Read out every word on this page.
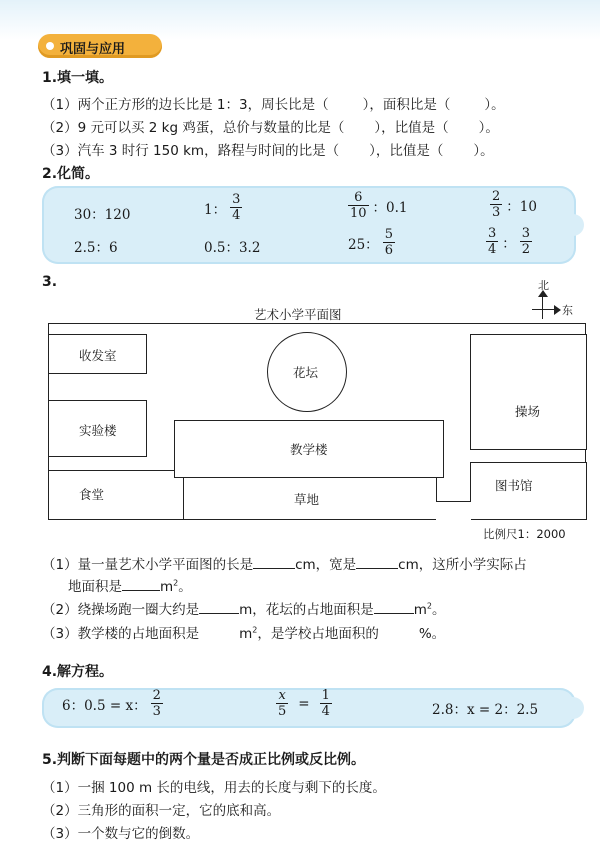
巩固与应用
1.填一填。
（1）两个正方形的边长比是 1：3，周长比是（	），面积比是（	）。
（2）9 元可以买 2 kg 鸡蛋，总价与数量的比是（ ），比值是（ ）。
（3）汽车 3 时行 150 km，路程与时间的比是（ ），比值是（ ）。
2.化简。
30：120	1： $\frac{3}{4}$	$\frac{6}{10}$ ：0.1	$\frac{2}{3}$ ：10
2.5：6	0.5：3.2	25： $\frac{5}{6}$	$\frac{3}{4}$ ： $\frac{3}{2}$
3.	北
东
艺术小学平面图
收发室
实验楼
食堂
花坛
教学楼
草地
操场
图书馆
比例尺1：2000
（1）量一量艺术小学平面图的长是	cm，宽是	cm，这所小学实际占
地面积是	$m^2$。
（2）绕操场跑一圈大约是	m，花坛的占地面积是	$m^2$。
（3）教学楼的占地面积是	$m^2$，是学校占地面积的	%。
4.解方程。
6：0.5 = x： $\frac{2}{3}$	$\frac{x}{5} = \frac{1}{4}$	2.8：x = 2：2.5
5.判断下面每题中的两个量是否成正比例或反比例。
（1）一捆 100 m 长的电线，用去的长度与剩下的长度。
（2）三角形的面积一定，它的底和高。
（3）一个数与它的倒数。
